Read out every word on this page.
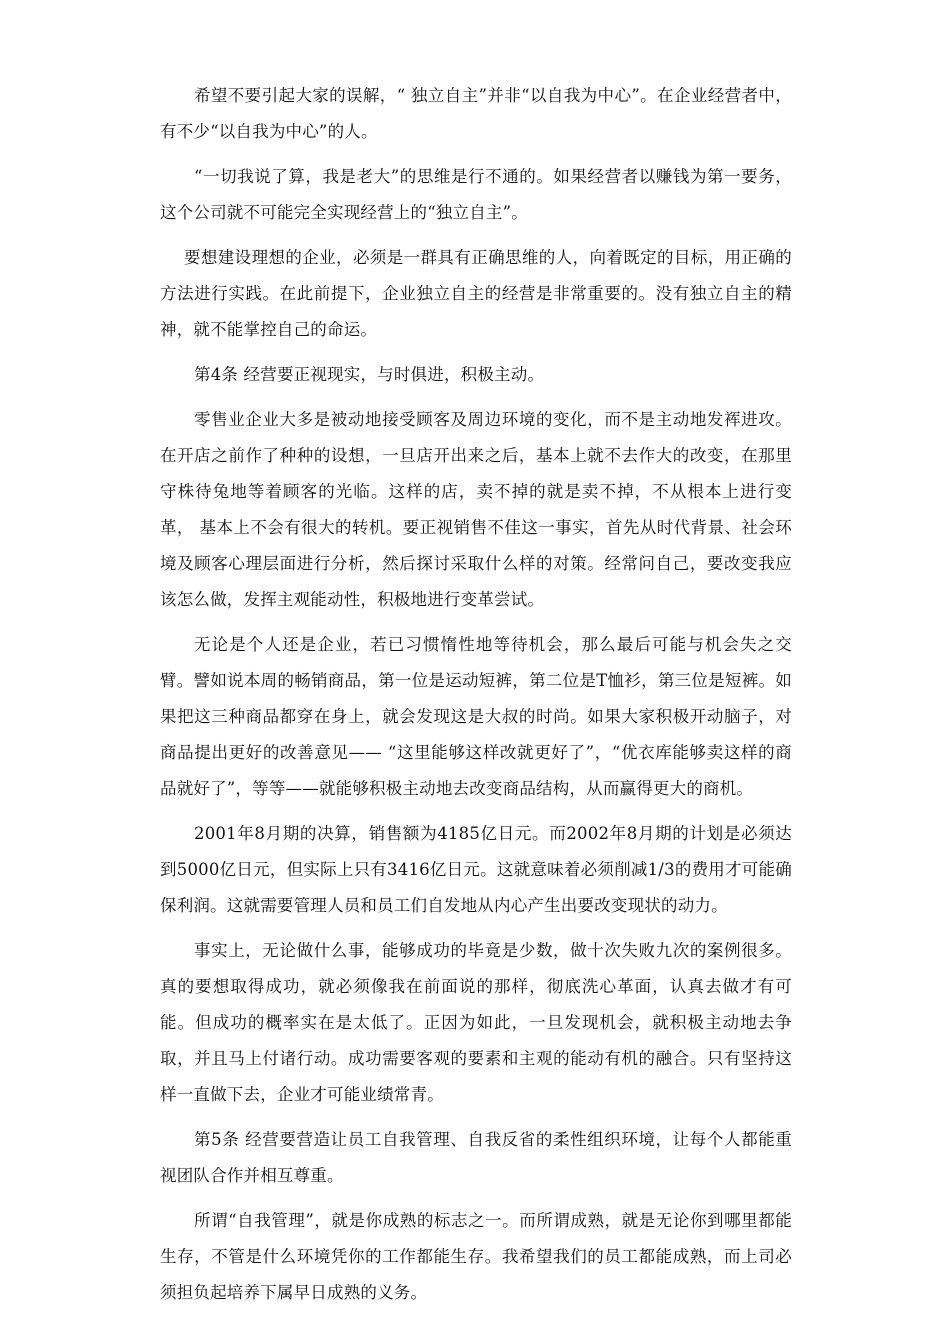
希望不要引起大家的误解，“ 独立自主”并非“以自我为中心”。在企业经营者中，有不少“以自我为中心”的人。

“一切我说了算，我是老大”的思维是行不通的。如果经营者以赚钱为第一要务，这个公司就不可能完全实现经营上的“独立自主”。

要想建设理想的企业，必须是一群具有正确思维的人，向着既定的目标，用正确的方法进行实践。在此前提下，企业独立自主的经营是非常重要的。没有独立自主的精神，就不能掌控自己的命运。

第4条 经营要正视现实，与时俱进，积极主动。

零售业企业大多是被动地接受顾客及周边环境的变化，而不是主动地发裈进攻。在开店之前作了种种的设想，一旦店开出来之后，基本上就不去作大的改变，在那里守株待兔地等着顾客的光临。这样的店，卖不掉的就是卖不掉，不从根本上进行变革， 基本上不会有很大的转机。要正视销售不佳这一事实，首先从时代背景、社会环境及顾客心理层面进行分析，然后探讨采取什么样的对策。经常问自己，要改变我应该怎么做，发挥主观能动性，积极地进行变革尝试。

无论是个人还是企业，若已习惯惰性地等待机会，那么最后可能与机会失之交臂。譬如说本周的畅销商品，第一位是运动短裤，第二位是T恤衫，第三位是短裤。如果把这三种商品都穿在身上，就会发现这是大叔的时尚。如果大家积极开动脑子，对商品提出更好的改善意见—— “这里能够这样改就更好了”，“优衣库能够卖这样的商品就好了”，等等——就能够积极主动地去改变商品结构，从而赢得更大的商机。

2001年8月期的决算，销售额为4185亿日元。而2002年8月期的计划是必须达到5000亿日元，但实际上只有3416亿日元。这就意味着必须削减1/3的费用才可能确保利润。这就需要管理人员和员工们自发地从内心产生出要改变现状的动力。

事实上，无论做什么事，能够成功的毕竟是少数，做十次失败九次的案例很多。真的要想取得成功，就必须像我在前面说的那样，彻底洗心革面，认真去做才有可能。但成功的概率实在是太低了。正因为如此，一旦发现机会，就积极主动地去争取，并且马上付诸行动。成功需要客观的要素和主观的能动有机的融合。只有坚持这样一直做下去，企业才可能业绩常青。

第5条 经营要营造让员工自我管理、自我反省的柔性组织环境，让每个人都能重视团队合作并相互尊重。

所谓“自我管理”，就是你成熟的标志之一。而所谓成熟，就是无论你到哪里都能生存，不管是什么环境凭你的工作都能生存。我希望我们的员工都能成熟，而上司必须担负起培养下属早日成熟的义务。
